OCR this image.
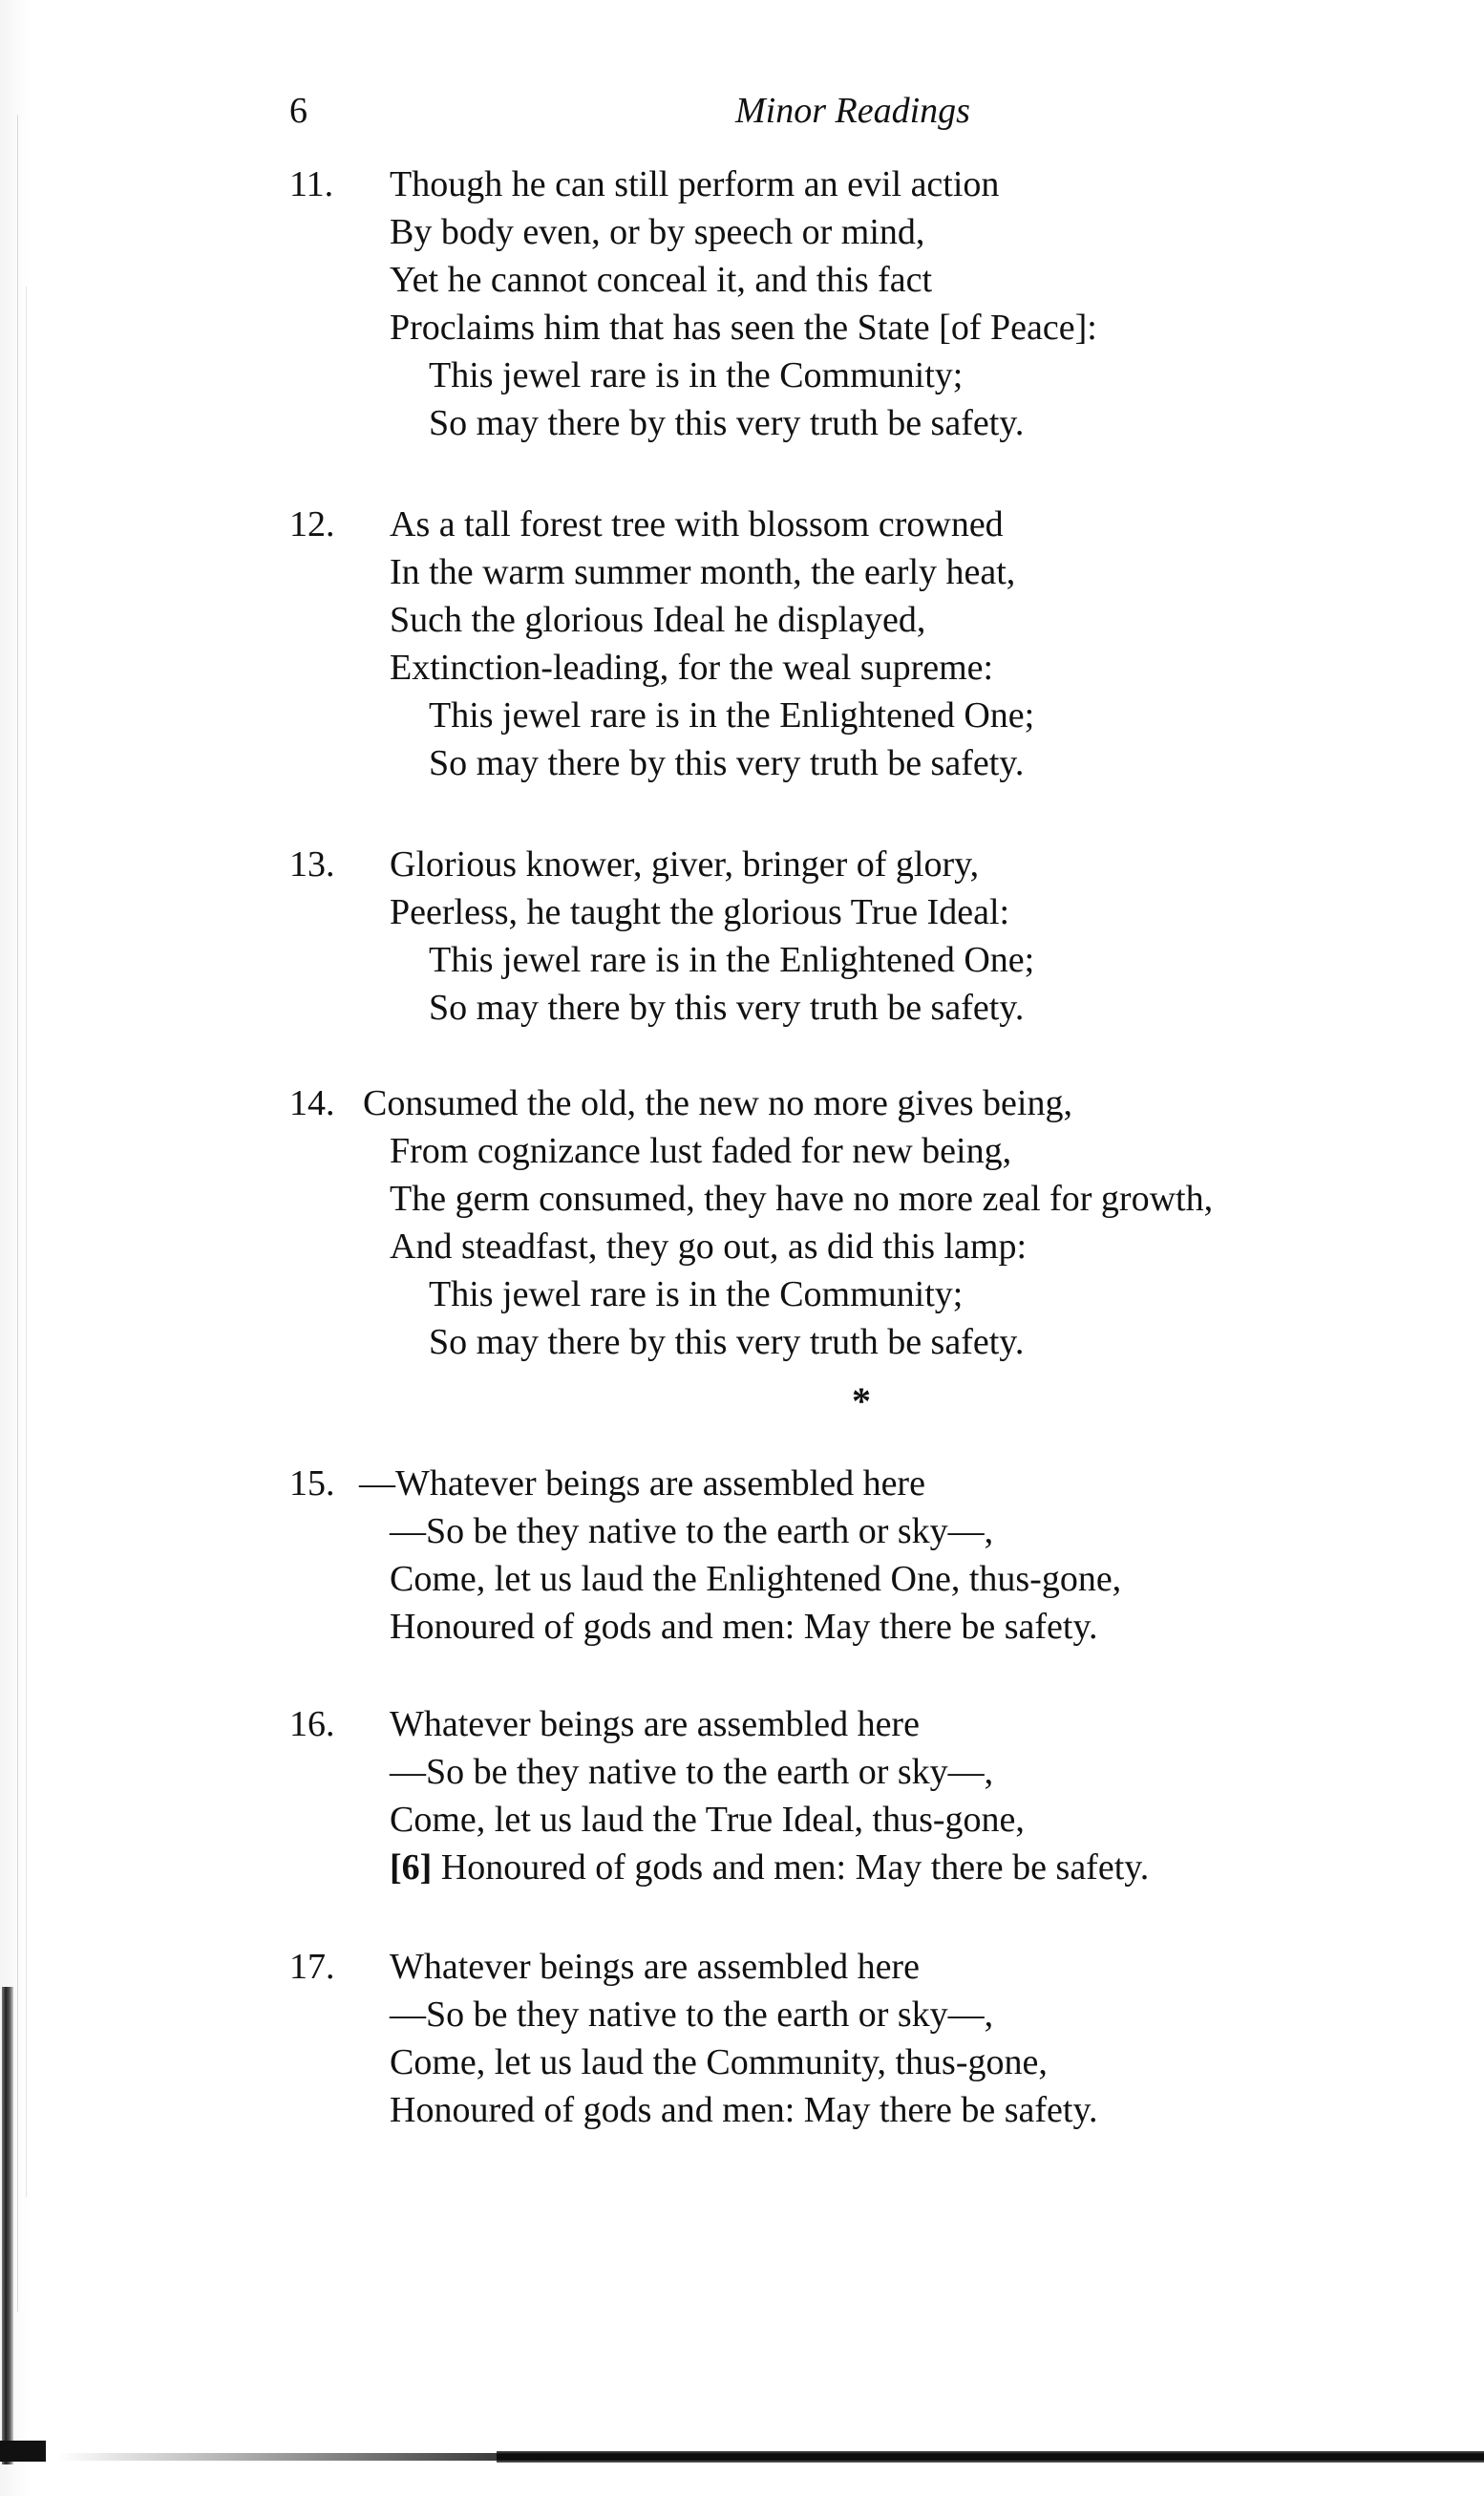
6	Minor Readings
11. Though he can still perform an evil action
By body even, or by speech or mind,
Yet he cannot conceal it, and this fact
Proclaims him that has seen the State [of Peace]:
This jewel rare is in the Community;
So may there by this very truth be safety.
12. As a tall forest tree with blossom crowned
In the warm summer month, the early heat,
Such the glorious Ideal he displayed,
Extinction-leading, for the weal supreme:
This jewel rare is in the Enlightened One;
So may there by this very truth be safety.
13. Glorious knower, giver, bringer of glory,
Peerless, he taught the glorious True Ideal:
This jewel rare is in the Enlightened One;
So may there by this very truth be safety.
14. Consumed the old, the new no more gives being,
From cognizance lust faded for new being,
The germ consumed, they have no more zeal for growth,
And steadfast, they go out, as did this lamp:
This jewel rare is in the Community;
So may there by this very truth be safety.
*
15. —Whatever beings are assembled here
—So be they native to the earth or sky—,
Come, let us laud the Enlightened One, thus-gone,
Honoured of gods and men: May there be safety.
16. Whatever beings are assembled here
—So be they native to the earth or sky—,
Come, let us laud the True Ideal, thus-gone,
[6] Honoured of gods and men: May there be safety.
17. Whatever beings are assembled here
—So be they native to the earth or sky—,
Come, let us laud the Community, thus-gone,
Honoured of gods and men: May there be safety.
